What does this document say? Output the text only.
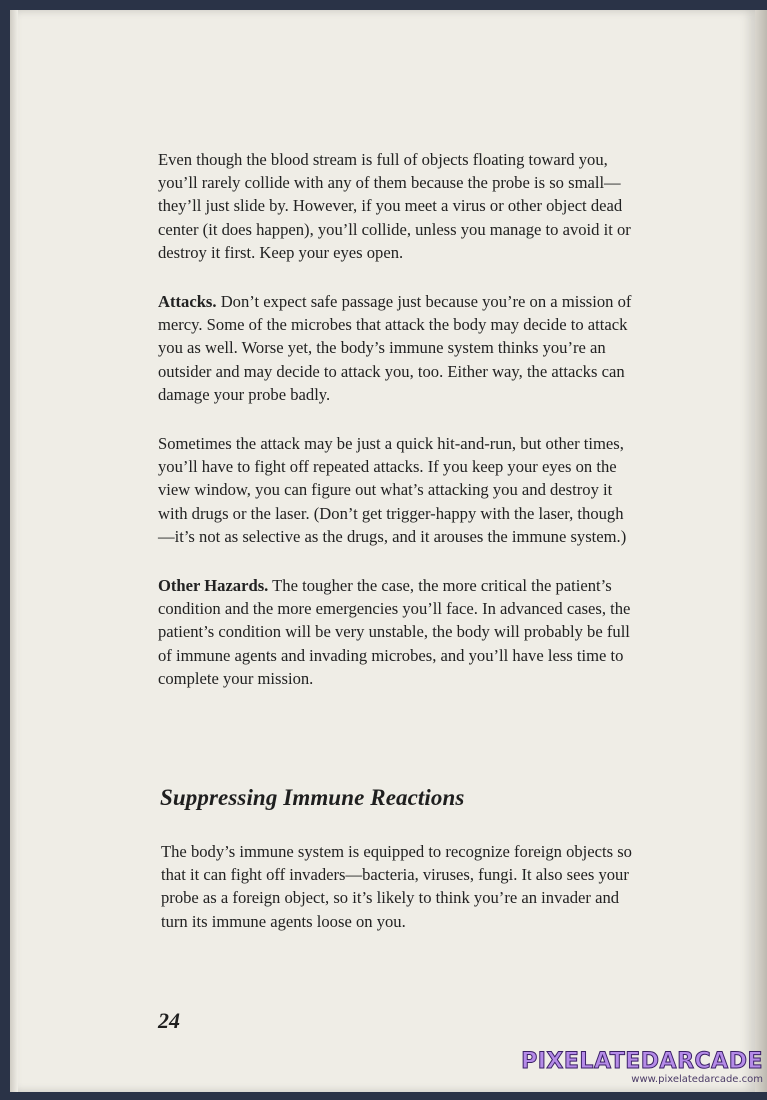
Even though the blood stream is full of objects floating toward you, you’ll rarely collide with any of them because the probe is so small—they’ll just slide by. However, if you meet a virus or other object dead center (it does happen), you’ll collide, unless you manage to avoid it or destroy it first. Keep your eyes open.

Attacks. Don’t expect safe passage just because you’re on a mission of mercy. Some of the microbes that attack the body may decide to attack you as well. Worse yet, the body’s immune system thinks you’re an outsider and may decide to attack you, too. Either way, the attacks can damage your probe badly.

Sometimes the attack may be just a quick hit-and-run, but other times, you’ll have to fight off repeated attacks. If you keep your eyes on the view window, you can figure out what’s attacking you and destroy it with drugs or the laser. (Don’t get trigger-happy with the laser, though—it’s not as selective as the drugs, and it arouses the immune system.)

Other Hazards. The tougher the case, the more critical the patient’s condition and the more emergencies you’ll face. In advanced cases, the patient’s condition will be very unstable, the body will probably be full of immune agents and invading microbes, and you’ll have less time to complete your mission.

Suppressing Immune Reactions

The body’s immune system is equipped to recognize foreign objects so that it can fight off invaders—bacteria, viruses, fungi. It also sees your probe as a foreign object, so it’s likely to think you’re an invader and turn its immune agents loose on you.

24
PIXELATEDARCADE
www.pixelatedarcade.com
